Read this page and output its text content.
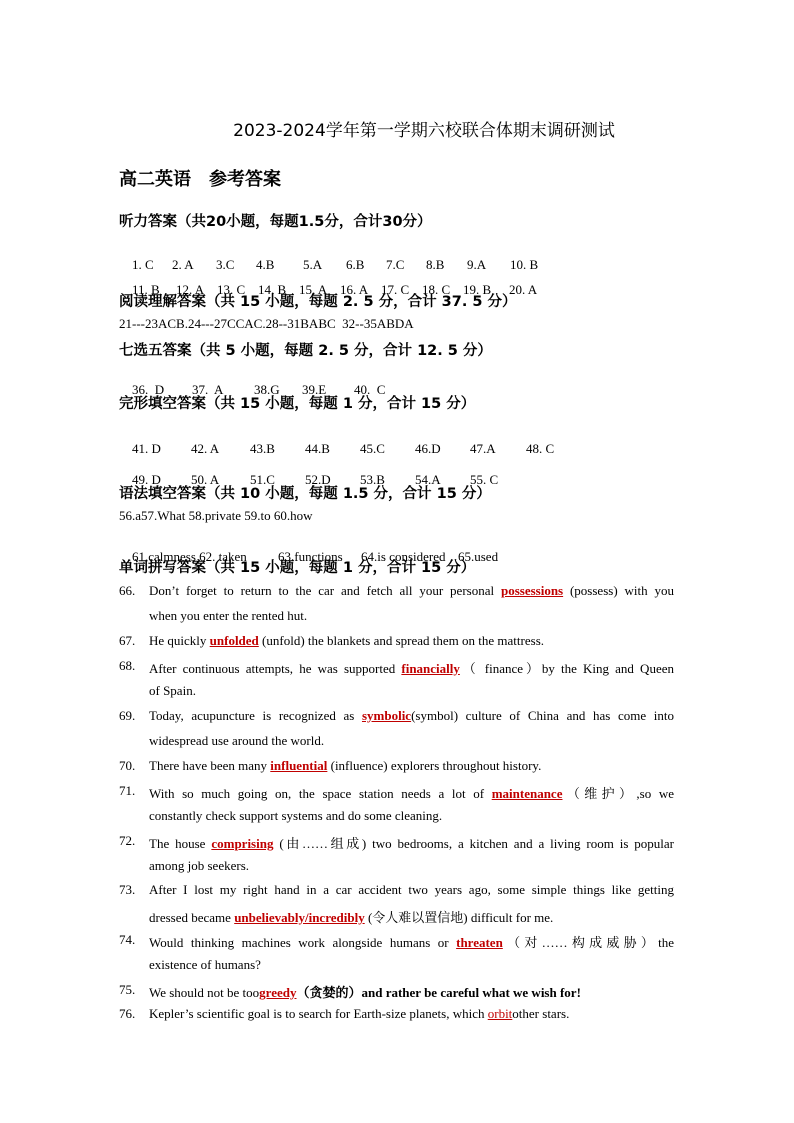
2023-2024学年第一学期六校联合体期末调研测试
高二英语　参考答案
听力答案（共20小题，每题1.5分，合计30分）

1. C 2. A 3.C 4.B 5.A 6.B 7.C 8.B 9.A 10. B

11. B 12. A 13. C 14. B 15. A 16. A 17. C 18. C 19. B 20. A

阅读理解答案（共 15 小题，每题 2. 5 分，合计 37. 5 分）
21---23ACB.24---27CCAC.28--31BABC  32--35ABDA
七选五答案（共 5 小题，每题 2. 5 分，合计 12. 5 分）

36.  D 37.  A 38.G 39.E 40.  C

完形填空答案（共 15 小题，每题 1 分，合计 15 分）

41. D 42. A 43.B 44.B 45.C 46.D 47.A 48. C

49. D 50. A 51.C 52.D 53.B 54.A 55. C

语法填空答案（共 10 小题，每题 1.5 分，合计 15 分）
56.a57.What 58.private 59.to 60.how

61.calmness 62. taken 63.functions 64.is considered 65.used

单词拼写答案（共 15 小题，每题 1 分，合计 15 分）
66. Don’t forget to return to the car and fetch all your personal possessions (possess) with you
when you enter the rented hut.
67. He quickly unfolded (unfold) the blankets and spread them on the mattress.
68. After continuous attempts, he was supported financially（ finance）by the King and Queen
of Spain.
69. Today, acupuncture is recognized as symbolic(symbol) culture of China and has come into
widespread use around the world.
70. There have been many influential (influence) explorers throughout history.
71. With so much going on, the space station needs a lot of maintenance（维护）,so we
constantly check support systems and do some cleaning.
72. The house comprising (由……组成) two bedrooms, a kitchen and a living room is popular
among job seekers.
73. After I lost my right hand in a car accident two years ago, some simple things like getting
dressed became unbelievably/incredibly (令人难以置信地) difficult for me.
74. Would thinking machines work alongside humans or threaten（对……构成威胁）the
existence of humans?
75. We should not be toogreedy（贪婪的）and rather be careful what we wish for!
76. Kepler’s scientific goal is to search for Earth-size planets, which orbitother stars.
